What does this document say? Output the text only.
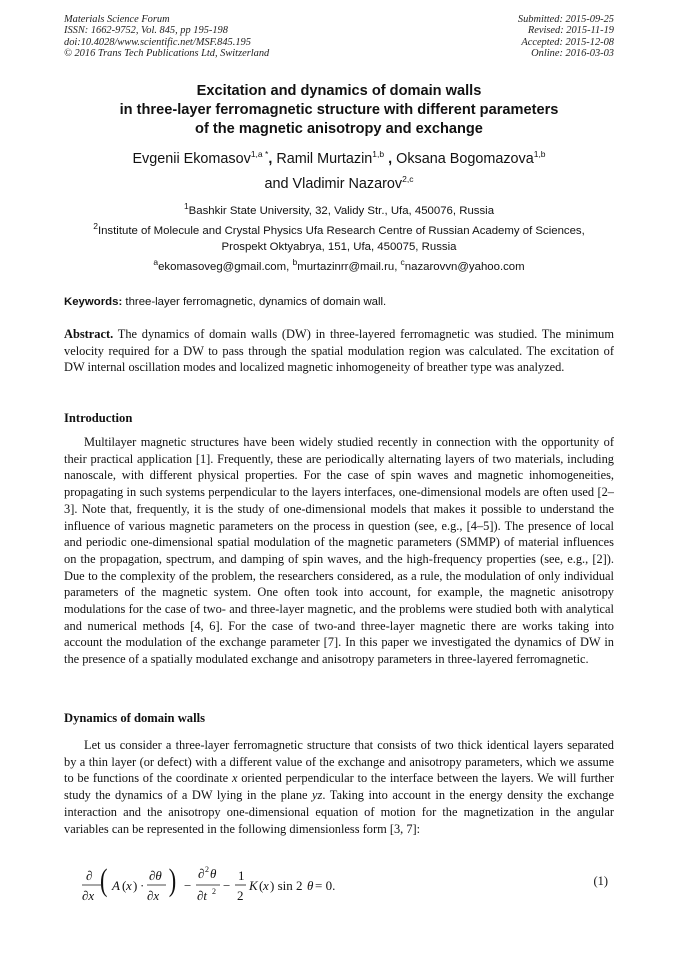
Materials Science Forum
ISSN: 1662-9752, Vol. 845, pp 195-198
doi:10.4028/www.scientific.net/MSF.845.195
© 2016 Trans Tech Publications Ltd, Switzerland
Submitted: 2015-09-25
Revised: 2015-11-19
Accepted: 2015-12-08
Online: 2016-03-03
Excitation and dynamics of domain walls
in three-layer ferromagnetic structure with different parameters
of the magnetic anisotropy and exchange
Evgenii Ekomasov$^{1,a *}$, Ramil Murtazin$^{1,b}$ , Oksana Bogomazova$^{1,b}$
and Vladimir Nazarov$^{2,c}$
$^1$Bashkir State University, 32, Validy Str., Ufa, 450076, Russia
$^2$Institute of Molecule and Crystal Physics Ufa Research Centre of Russian Academy of Sciences,
Prospekt Oktyabrya, 151, Ufa, 450075, Russia
$^a$ekomasoveg@gmail.com, $^b$murtazinrr@mail.ru, $^c$nazarovvn@yahoo.com
Keywords: three-layer ferromagnetic, dynamics of domain wall.
Abstract. The dynamics of domain walls (DW) in three-layered ferromagnetic was studied. The minimum velocity required for a DW to pass through the spatial modulation region was calculated. The excitation of DW internal oscillation modes and localized magnetic inhomogeneity of breather type was analyzed.
Introduction
Multilayer magnetic structures have been widely studied recently in connection with the opportunity of their practical application [1]. Frequently, these are periodically alternating layers of two materials, including nanoscale, with different physical properties. For the case of spin waves and magnetic inhomogeneities, propagating in such systems perpendicular to the layers interfaces, one-dimensional models are often used [2–3]. Note that, frequently, it is the study of one-dimensional models that makes it possible to understand the influence of various magnetic parameters on the process in question (see, e.g., [4–5]). The presence of local and periodic one-dimensional spatial modulation of the magnetic parameters (SMMP) of material influences on the propagation, spectrum, and damping of spin waves, and the high-frequency properties (see, e.g., [2]). Due to the complexity of the problem, the researchers considered, as a rule, the modulation of only individual parameters of the magnetic system. One often took into account, for example, the magnetic anisotropy modulations for the case of two- and three-layer magnetic, and the problems were studied both with analytical and numerical methods [4, 6]. For the case of two-and three-layer magnetic there are works taking into account the modulation of the exchange parameter [7]. In this paper we investigated the dynamics of DW in the presence of a spatially modulated exchange and anisotropy parameters in three-layered ferromagnetic.
Dynamics of domain walls
Let us consider a three-layer ferromagnetic structure that consists of two thick identical layers separated by a thin layer (or defect) with a different value of the exchange and anisotropy parameters, which we assume to be functions of the coordinate x oriented perpendicular to the interface between the layers. We will further study the dynamics of a DW lying in the plane yz. Taking into account in the energy density the exchange interaction and the anisotropy one-dimensional equation of motion for the magnetization in the angular variables can be represented in the following dimensionless form [3, 7]:
∂
∂x ( A ( x ) ·
∂θ
∂x ) −
∂ 2 θ
∂t 2 −
1
2
K ( x ) sin 2 θ = 0.	(1)
